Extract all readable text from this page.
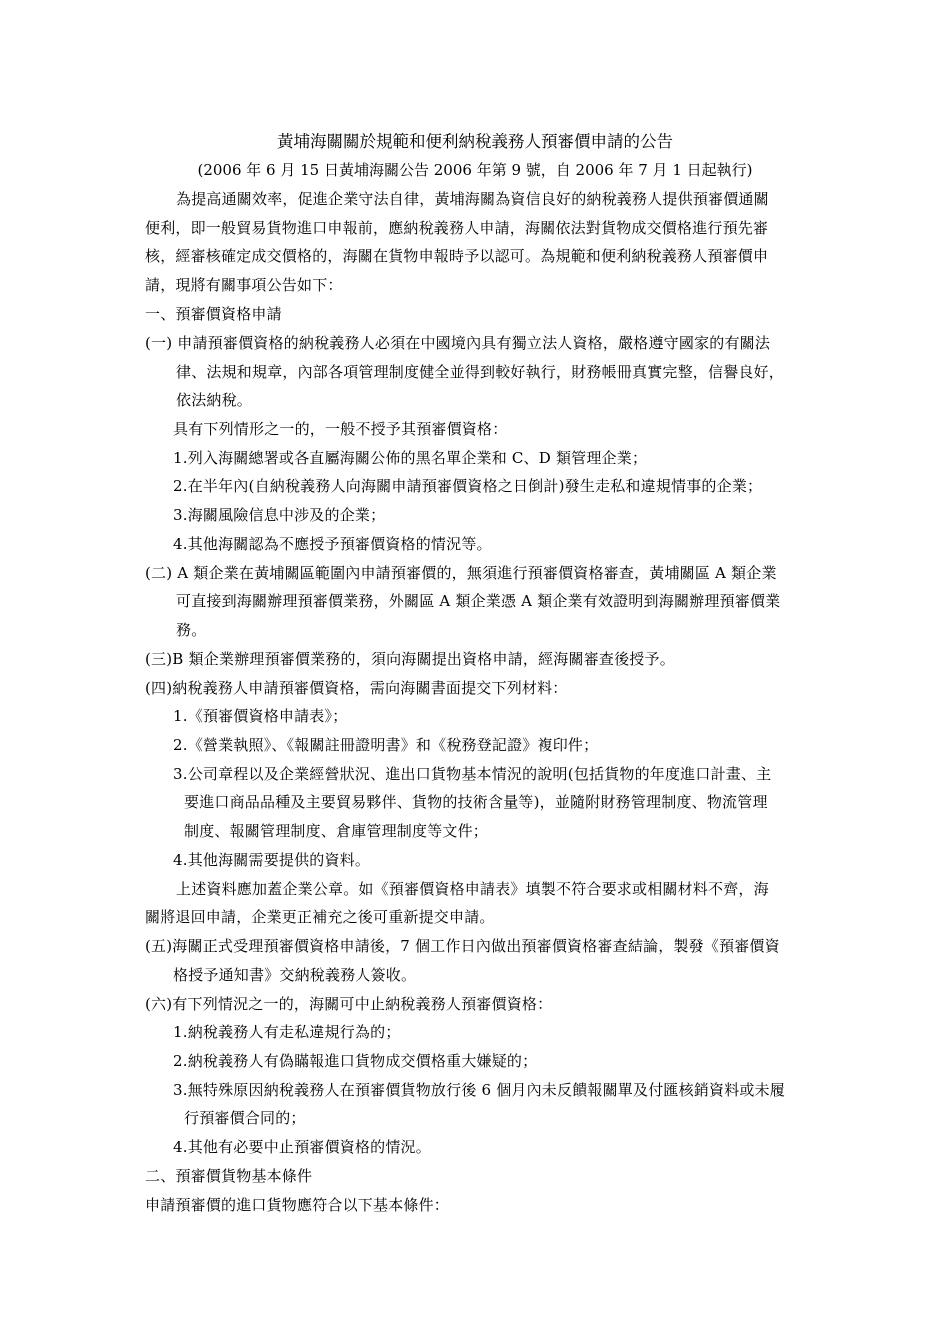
黃埔海關關於規範和便利納稅義務人預審價申請的公告
(2006 年 6 月 15 日黃埔海關公告 2006 年第 9 號，自 2006 年 7 月 1 日起執行)
為提高通關效率，促進企業守法自律，黃埔海關為資信良好的納稅義務人提供預審價通關
便利，即一般貿易貨物進口申報前，應納稅義務人申請，海關依法對貨物成交價格進行預先審
核，經審核確定成交價格的，海關在貨物申報時予以認可。為規範和便利納稅義務人預審價申
請，現將有關事項公告如下：
一、預審價資格申請
(一) 申請預審價資格的納稅義務人必須在中國境內具有獨立法人資格，嚴格遵守國家的有關法
律、法規和規章，內部各項管理制度健全並得到較好執行，財務帳冊真實完整，信譽良好，
依法納稅。
具有下列情形之一的，一般不授予其預審價資格：
1.列入海關總署或各直屬海關公佈的黑名單企業和 C、D 類管理企業；
2.在半年內(自納稅義務人向海關申請預審價資格之日倒計)發生走私和違規情事的企業；
3.海關風險信息中涉及的企業；
4.其他海關認為不應授予預審價資格的情況等。
(二) A 類企業在黃埔關區範圍內申請預審價的，無須進行預審價資格審查，黃埔關區 A 類企業
可直接到海關辦理預審價業務，外關區 A 類企業憑 A 類企業有效證明到海關辦理預審價業
務。
(三)B 類企業辦理預審價業務的，須向海關提出資格申請，經海關審查後授予。
(四)納稅義務人申請預審價資格，需向海關書面提交下列材料：
1.《預審價資格申請表》；
2.《營業執照》、《報關註冊證明書》和《稅務登記證》複印件；
3.公司章程以及企業經營狀況、進出口貨物基本情況的說明(包括貨物的年度進口計畫、主
要進口商品品種及主要貿易夥伴、貨物的技術含量等)，並隨附財務管理制度、物流管理
制度、報關管理制度、倉庫管理制度等文件；
4.其他海關需要提供的資料。
上述資料應加蓋企業公章。如《預審價資格申請表》填製不符合要求或相關材料不齊，海
關將退回申請，企業更正補充之後可重新提交申請。
(五)海關正式受理預審價資格申請後，7 個工作日內做出預審價資格審查結論，製發《預審價資
格授予通知書》交納稅義務人簽收。
(六)有下列情況之一的，海關可中止納稅義務人預審價資格：
1.納稅義務人有走私違規行為的；
2.納稅義務人有偽瞞報進口貨物成交價格重大嫌疑的；
3.無特殊原因納稅義務人在預審價貨物放行後 6 個月內未反饋報關單及付匯核銷資料或未履
行預審價合同的；
4.其他有必要中止預審價資格的情況。
二、預審價貨物基本條件
申請預審價的進口貨物應符合以下基本條件：
